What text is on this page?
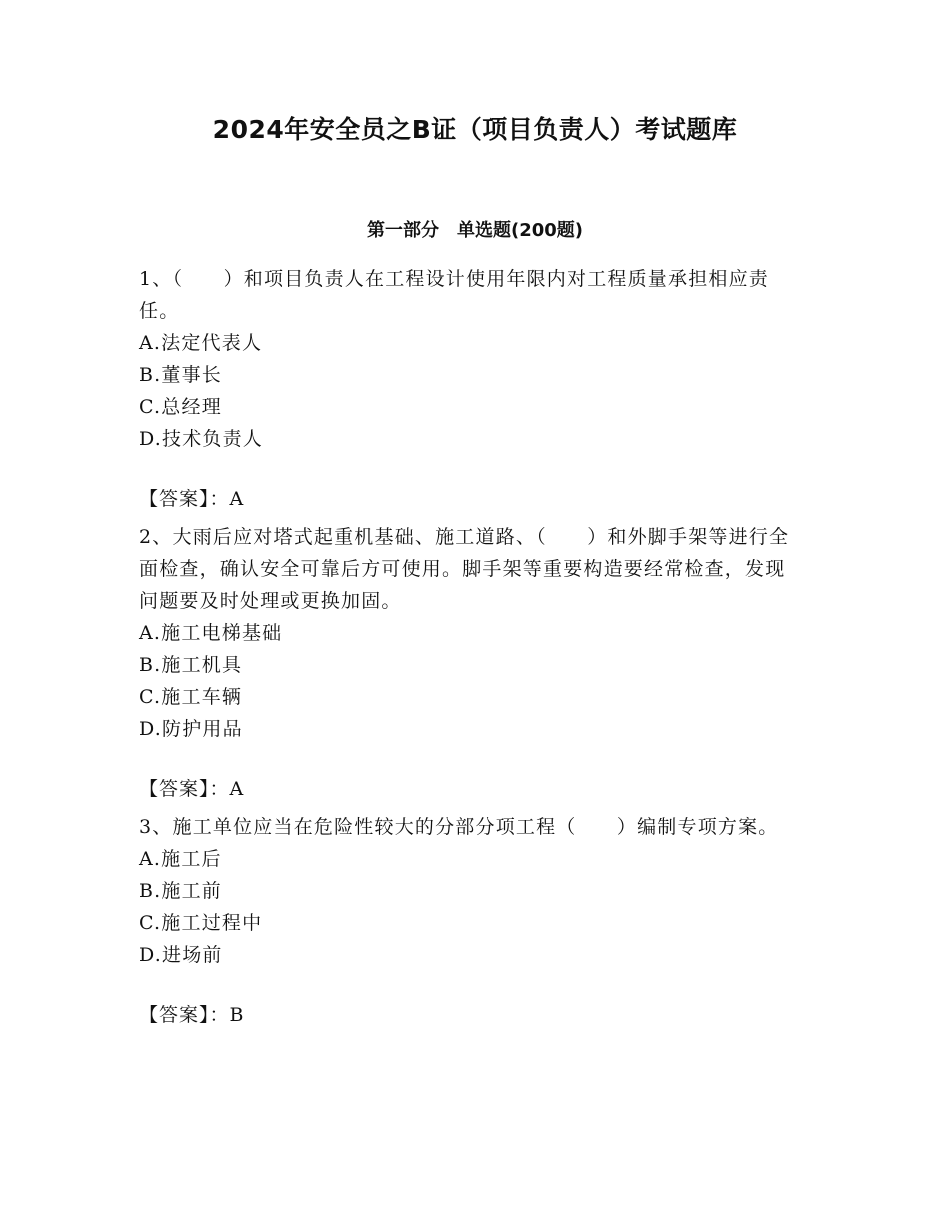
2024年安全员之B证（项目负责人）考试题库
第一部分　单选题(200题)

1、（　　）和项目负责人在工程设计使用年限内对工程质量承担相应责任。

A.法定代表人

B.董事长

C.总经理

D.技术负责人

【答案】：A

2、大雨后应对塔式起重机基础、施工道路、（　　）和外脚手架等进行全面检查，确认安全可靠后方可使用。脚手架等重要构造要经常检查，发现问题要及时处理或更换加固。

A.施工电梯基础

B.施工机具

C.施工车辆

D.防护用品

【答案】：A

3、施工单位应当在危险性较大的分部分项工程（　　）编制专项方案。

A.施工后

B.施工前

C.施工过程中

D.进场前

【答案】：B
